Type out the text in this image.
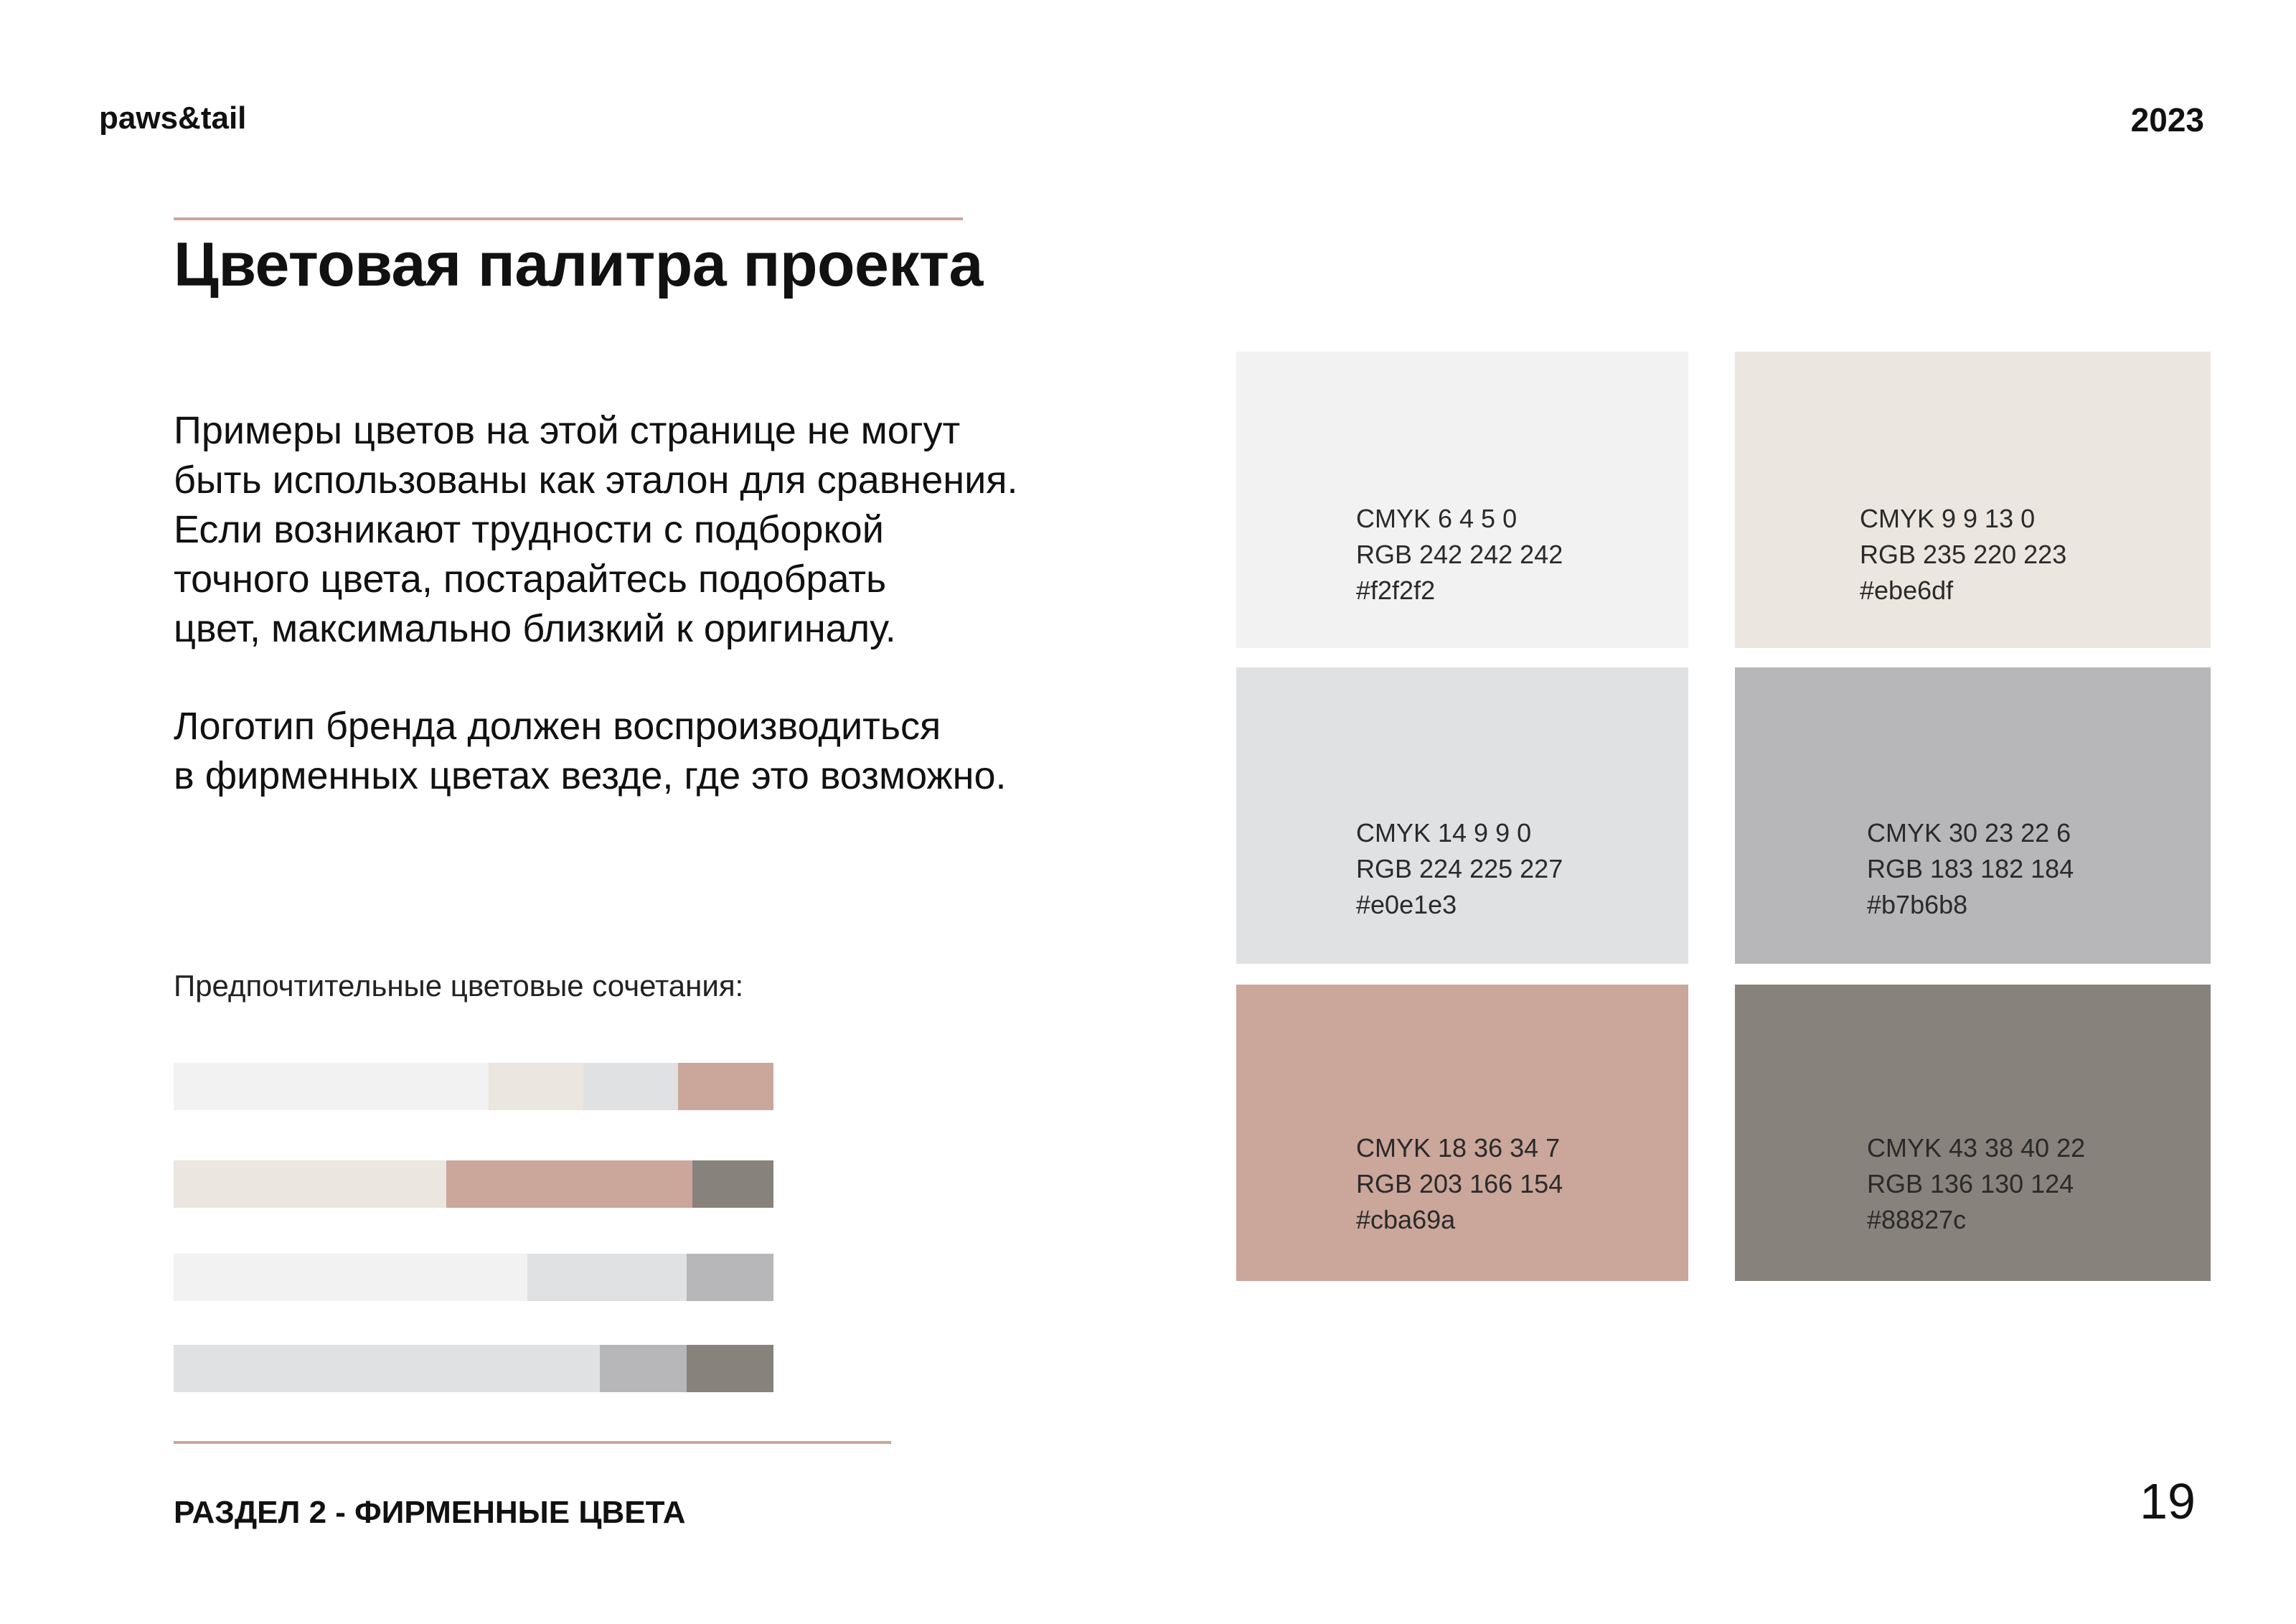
paws&tail	2023
Цветовая палитра проекта
Примеры цветов на этой странице не могут
быть использованы как эталон для сравнения.
Если возникают трудности с подборкой
точного цвета, постарайтесь подобрать
цвет, максимально близкий к оригиналу.
Логотип бренда должен воспроизводиться
в фирменных цветах везде, где это возможно.
Предпочтительные цветовые сочетания:
CMYK 6 4 5 0
RGB 242 242 242
#f2f2f2
CMYK 9 9 13 0
RGB 235 220 223
#ebe6df
CMYK 14 9 9 0
RGB 224 225 227
#e0e1e3
CMYK 30 23 22 6
RGB 183 182 184
#b7b6b8
CMYK 18 36 34 7
RGB 203 166 154
#cba69a
CMYK 43 38 40 22
RGB 136 130 124
#88827c
РАЗДЕЛ 2 - ФИРМЕННЫЕ ЦВЕТА	19
